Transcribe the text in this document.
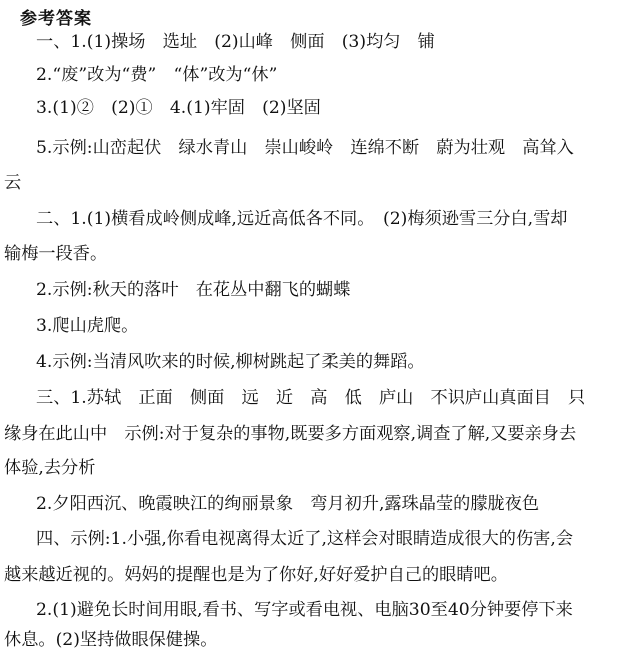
参考答案
一、1.(1)操场　选址　(2)山峰　侧面　(3)均匀　铺
2.“废”改为“费”　“体”改为“休”
3.(1)②　(2)①　4.(1)牢固　(2)坚固
5.示例:山峦起伏　绿水青山　崇山峻岭　连绵不断　蔚为壮观　高耸入
云
二、1.(1)横看成岭侧成峰,远近高低各不同。　(2)梅须逊雪三分白,雪却
输梅一段香。
2.示例:秋天的落叶　在花丛中翻飞的蝴蝶
3.爬山虎爬。
4.示例:当清风吹来的时候,柳树跳起了柔美的舞蹈。
三、1.苏轼　正面　侧面　远　近　高　低　庐山　不识庐山真面目　只
缘身在此山中　示例:对于复杂的事物,既要多方面观察,调查了解,又要亲身去
体验,去分析
2.夕阳西沉、晚霞映江的绚丽景象　弯月初升,露珠晶莹的朦胧夜色
四、示例:1.小强,你看电视离得太近了,这样会对眼睛造成很大的伤害,会
越来越近视的。妈妈的提醒也是为了你好,好好爱护自己的眼睛吧。
2.(1)避免长时间用眼,看书、写字或看电视、电脑30至40分钟要停下来
休息。(2)坚持做眼保健操。
